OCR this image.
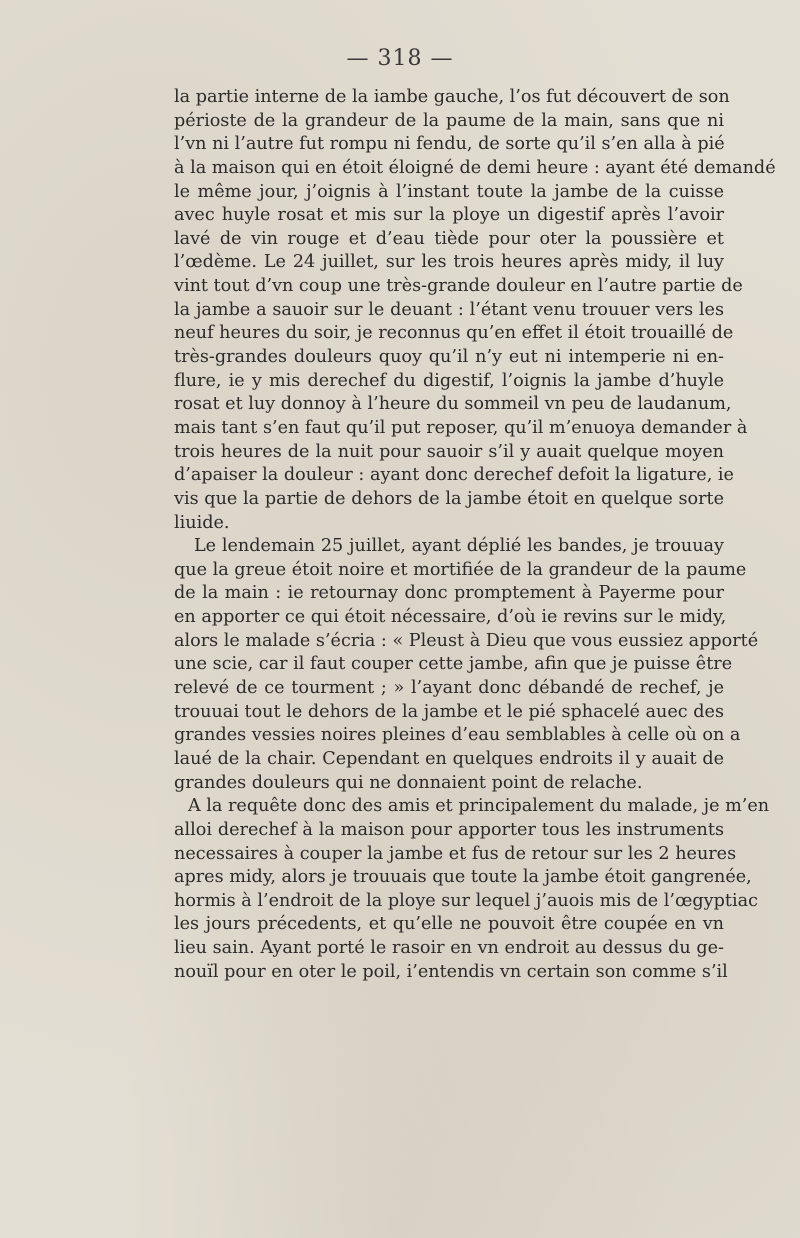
— 318 —
la partie interne de la iambe gauche, l’os fut découvert de son
périoste de la grandeur de la paume de la main, sans que ni
l’vn ni l’autre fut rompu ni fendu, de sorte qu’il s’en alla à pié
à la maison qui en étoit éloigné de demi heure : ayant été demandé
le même jour, j’oignis à l’instant toute la jambe de la cuisse
avec huyle rosat et mis sur la ploye un digestif après l’avoir
lavé de vin rouge et d’eau tiède pour oter la poussière et
l’œdème. Le 24 juillet, sur les trois heures après midy, il luy
vint tout d’vn coup une très-grande douleur en l’autre partie de
la jambe a sauoir sur le deuant : l’étant venu trouuer vers les
neuf heures du soir, je reconnus qu’en effet il étoit trouaillé de
très-grandes douleurs quoy qu’il n’y eut ni intemperie ni en-
flure, ie y mis derechef du digestif, l’oignis la jambe d’huyle
rosat et luy donnoy à l’heure du sommeil vn peu de laudanum,
mais tant s’en faut qu’il put reposer, qu’il m’enuoya demander à
trois heures de la nuit pour sauoir s’il y auait quelque moyen
d’apaiser la douleur : ayant donc derechef defoit la ligature, ie
vis que la partie de dehors de la jambe étoit en quelque sorte
liuide.
Le lendemain 25 juillet, ayant déplié les bandes, je trouuay
que la greue étoit noire et mortifiée de la grandeur de la paume
de la main : ie retournay donc promptement à Payerme pour
en apporter ce qui étoit nécessaire, d’où ie revins sur le midy,
alors le malade s’écria : « Pleust à Dieu que vous eussiez apporté
une scie, car il faut couper cette jambe, afin que je puisse être
relevé de ce tourment ; » l’ayant donc débandé de rechef, je
trouuai tout le dehors de la jambe et le pié sphacelé auec des
grandes vessies noires pleines d’eau semblables à celle où on a
laué de la chair. Cependant en quelques endroits il y auait de
grandes douleurs qui ne donnaient point de relache.
A la requête donc des amis et principalement du malade, je m’en
alloi derechef à la maison pour apporter tous les instruments
necessaires à couper la jambe et fus de retour sur les 2 heures
apres midy, alors je trouuais que toute la jambe étoit gangrenée,
hormis à l’endroit de la ploye sur lequel j’auois mis de l’œgyptiac
les jours précedents, et qu’elle ne pouvoit être coupée en vn
lieu sain. Ayant porté le rasoir en vn endroit au dessus du ge-
nouïl pour en oter le poil, i’entendis vn certain son comme s’il
